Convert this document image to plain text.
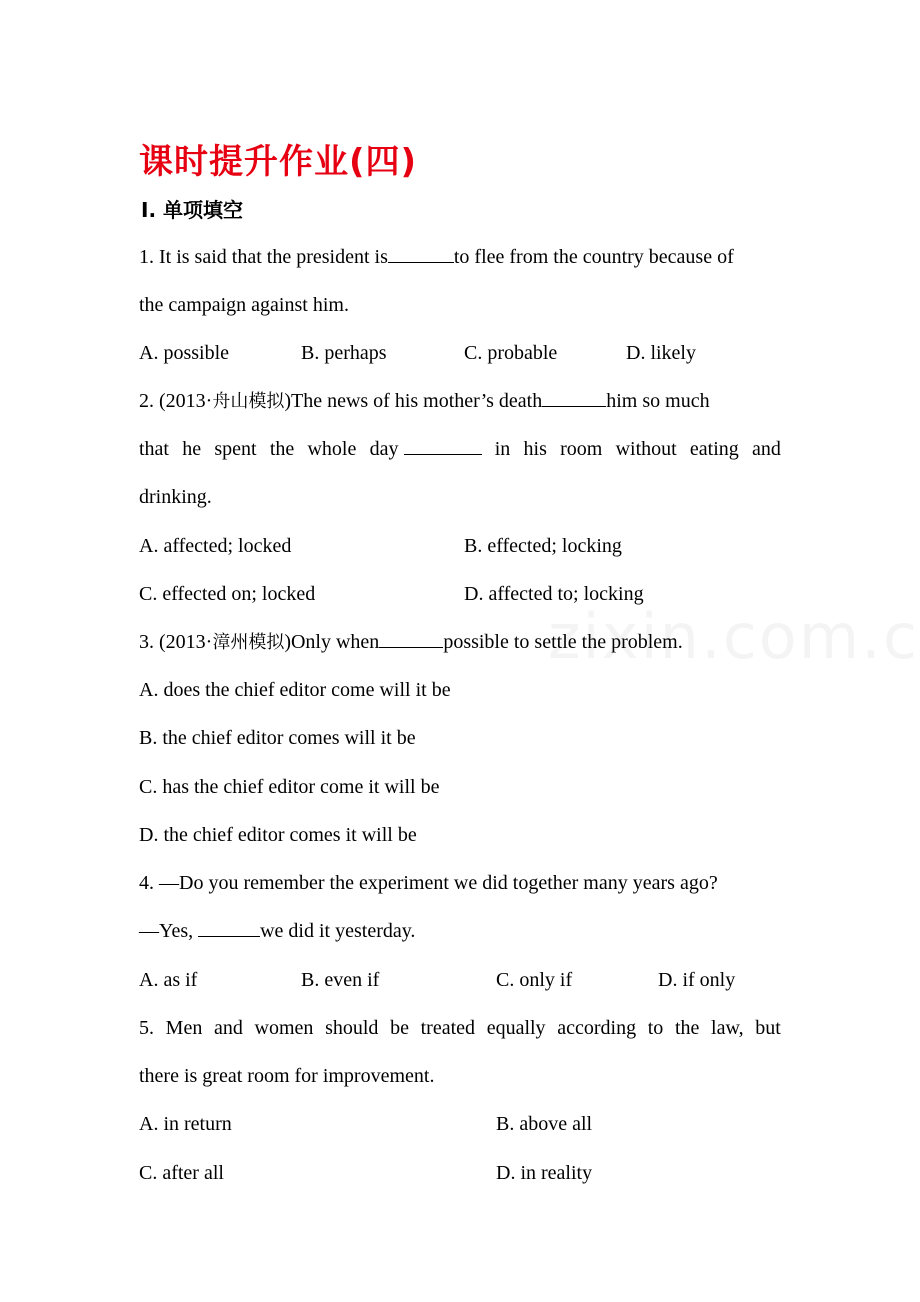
课时提升作业(四)
Ⅰ. 单项填空
1. It is said that the president is	to flee from the country because of
the campaign against him.
A. possible	B. perhaps	C. probable	D. likely
2. (2013·舟山模拟)The news of his mother’s death	him so much
that he spent the whole day	in his room without eating and
drinking.
A. affected; locked	B. effected; locking
C. effected on; locked	D. affected to; locking
3. (2013·漳州模拟)Only when	possible to settle the problem.
A. does the chief editor come will it be
B. the chief editor comes will it be
C. has the chief editor come it will be
D. the chief editor comes it will be
4. —Do you remember the experiment we did together many years ago?
—Yes,	we did it yesterday.
A. as if	B. even if	C. only if	D. if only
5. Men and women should be treated equally according to the law, but
there is great room for improvement.
A. in return	B. above all
C. after all	D. in reality
